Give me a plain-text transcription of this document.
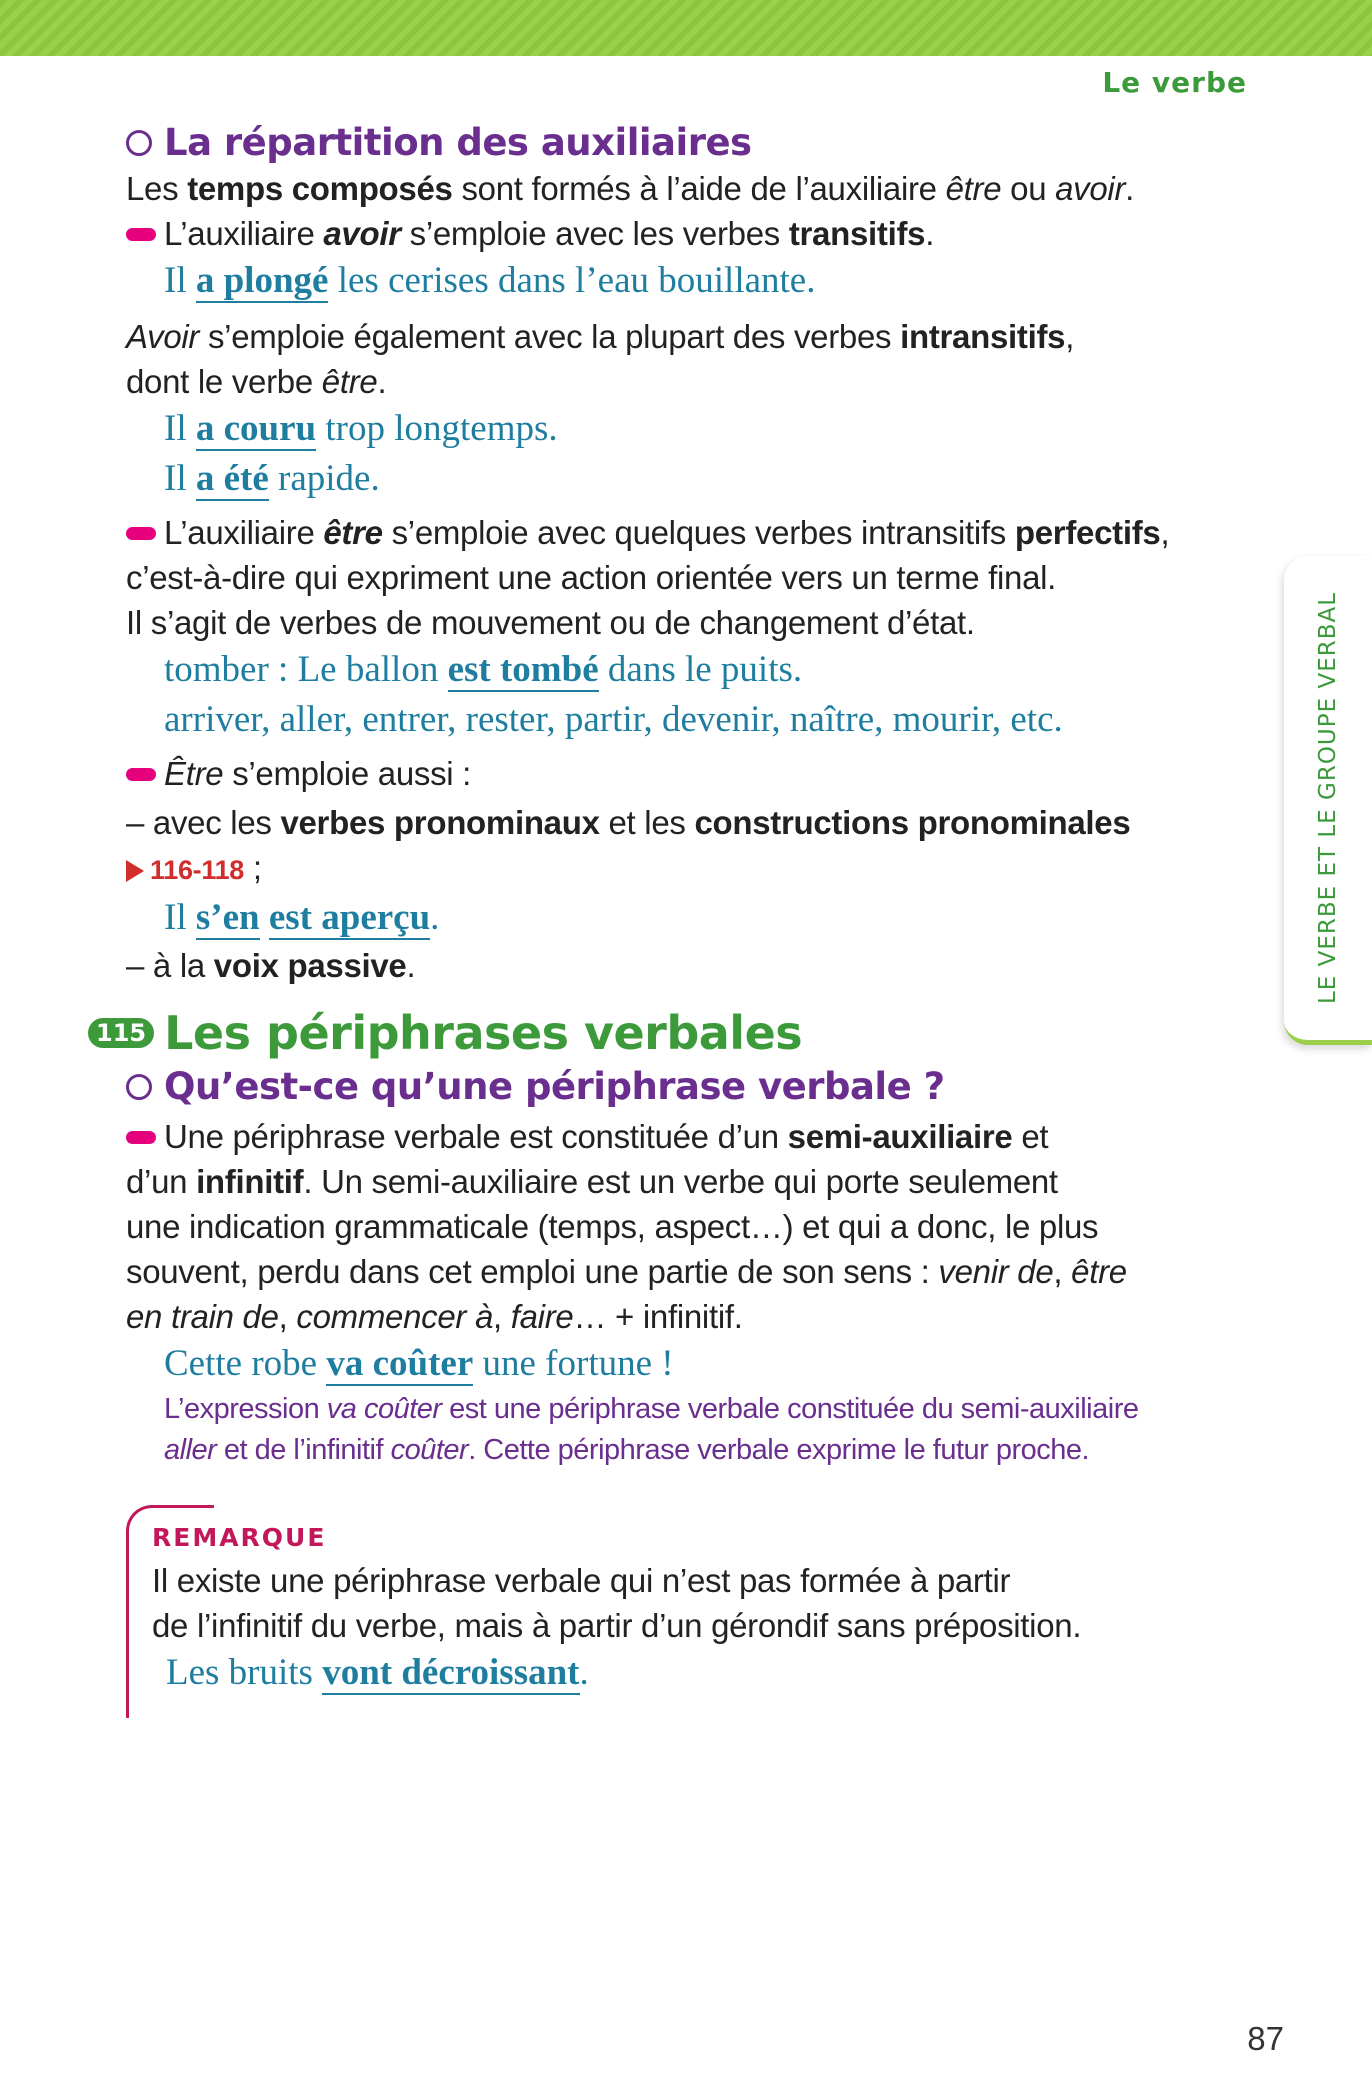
Le verbe
LE VERBE ET LE GROUPE VERBAL
La répartition des auxiliaires

Les temps composés sont formés à l’aide de l’auxiliaire être ou avoir.

L’auxiliaire avoir s’emploie avec les verbes transitifs.

Il a plongé les cerises dans l’eau bouillante.

Avoir s’emploie également avec la plupart des verbes intransitifs,

dont le verbe être.

Il a couru trop longtemps.

Il a été rapide.

L’auxiliaire être s’emploie avec quelques verbes intransitifs perfectifs,

c’est-à-dire qui expriment une action orientée vers un terme final.

Il s’agit de verbes de mouvement ou de changement d’état.

tomber : Le ballon est tombé dans le puits.

arriver, aller, entrer, rester, partir, devenir, naître, mourir, etc.

Être s’emploie aussi :

– avec les verbes pronominaux et les constructions pronominales

116-118 ;

Il s’en est aperçu.

– à la voix passive.

115 Les périphrases verbales
Qu’est-ce qu’une périphrase verbale ?

Une périphrase verbale est constituée d’un semi-auxiliaire et

d’un infinitif. Un semi-auxiliaire est un verbe qui porte seulement

une indication grammaticale (temps, aspect…) et qui a donc, le plus

souvent, perdu dans cet emploi une partie de son sens : venir de, être

en train de, commencer à, faire… + infinitif.

Cette robe va coûter une fortune !

L’expression va coûter est une périphrase verbale constituée du semi-auxiliaire

aller et de l’infinitif coûter. Cette périphrase verbale exprime le futur proche.

REMARQUE

Il existe une périphrase verbale qui n’est pas formée à partir

de l’infinitif du verbe, mais à partir d’un gérondif sans préposition.

Les bruits vont décroissant.

87
